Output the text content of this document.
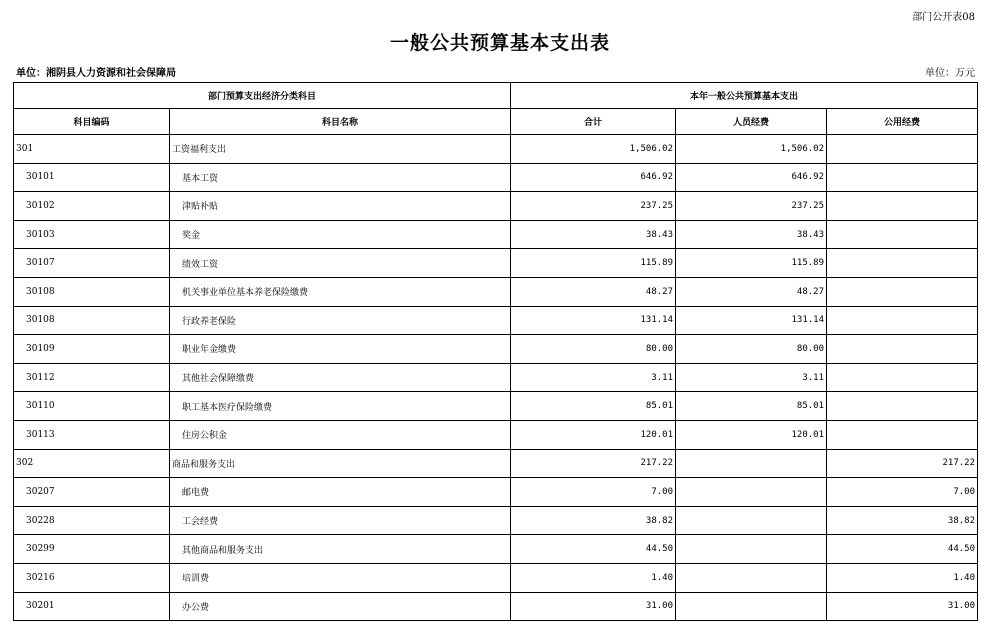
部门公开表08
一般公共预算基本支出表
单位：湘阴县人力资源和社会保障局	单位：万元
部门预算支出经济分类科目		本年一般公共预算基本支出		
科目编码	科目名称	合计	人员经费	公用经费
301	工资福利支出	1,506.02	1,506.02	
30101	基本工资	646.92	646.92	
30102	津贴补贴	237.25	237.25	
30103	奖金	38.43	38.43	
30107	绩效工资	115.89	115.89	
30108	机关事业单位基本养老保险缴费	48.27	48.27	
30108	行政养老保险	131.14	131.14	
30109	职业年金缴费	80.00	80.00	
30112	其他社会保障缴费	3.11	3.11	
30110	职工基本医疗保险缴费	85.01	85.01	
30113	住房公积金	120.01	120.01	
302	商品和服务支出	217.22		217.22
30207	邮电费	7.00		7.00
30228	工会经费	38.82		38.82
30299	其他商品和服务支出	44.50		44.50
30216	培训费	1.40		1.40
30201	办公费	31.00		31.00
